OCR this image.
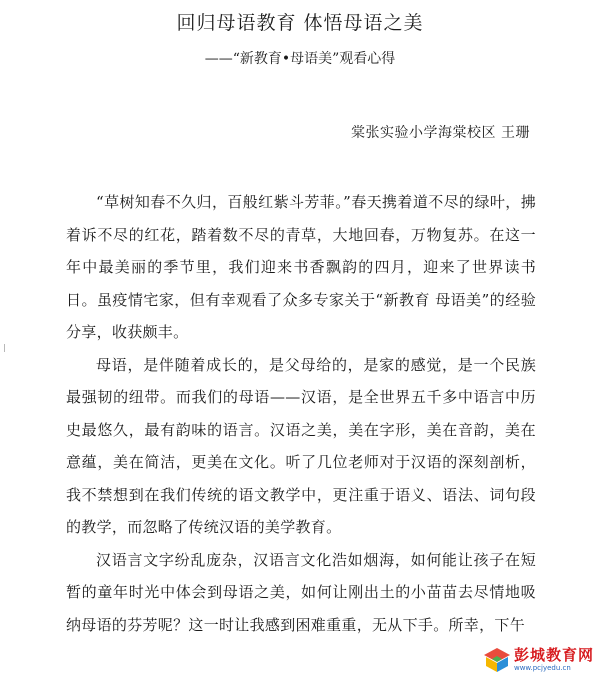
回归母语教育 体悟母语之美
——“新教育•母语美”观看心得
棠张实验小学海棠校区 王珊

“草树知春不久归，百般红紫斗芳菲。”春天携着道不尽的绿叶，拂着诉不尽的红花，踏着数不尽的青草，大地回春，万物复苏。在这一年中最美丽的季节里，我们迎来书香飘韵的四月，迎来了世界读书日。虽疫情宅家，但有幸观看了众多专家关于“新教育 母语美”的经验分享，收获颇丰。

母语，是伴随着成长的，是父母给的，是家的感觉，是一个民族最强韧的纽带。而我们的母语——汉语，是全世界五千多中语言中历史最悠久，最有韵味的语言。汉语之美，美在字形，美在音韵，美在意蕴，美在简洁，更美在文化。听了几位老师对于汉语的深刻剖析，我不禁想到在我们传统的语文教学中，更注重于语义、语法、词句段的教学，而忽略了传统汉语的美学教育。

汉语言文字纷乱庞杂，汉语言文化浩如烟海，如何能让孩子在短暂的童年时光中体会到母语之美，如何让刚出土的小苗苗去尽情地吸纳母语的芬芳呢？这一时让我感到困难重重，无从下手。所幸，下午

彭城教育网
www.pcjyedu.cn
